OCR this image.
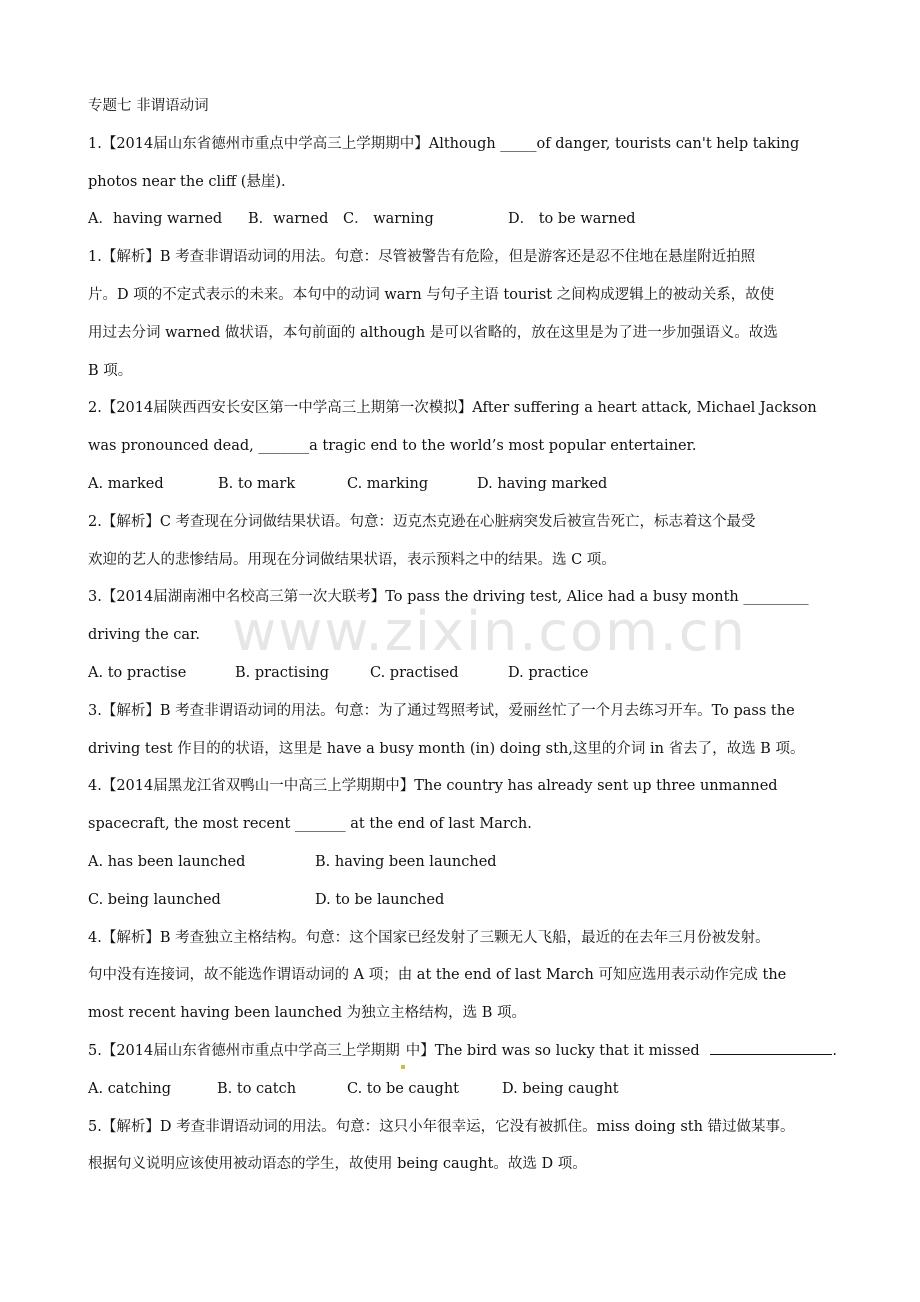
www.zixin.com.cn
专题七 非谓语动词
1.【2014届山东省德州市重点中学高三上学期期中】Although _____of danger, tourists can't help taking
photos near the cliff (悬崖).
A．having warned	B．warned	C． warning	D． to be warned
1.【解析】B 考查非谓语动词的用法。句意：尽管被警告有危险，但是游客还是忍不住地在悬崖附近拍照
片。D 项的不定式表示的未来。本句中的动词 warn 与句子主语 tourist 之间构成逻辑上的被动关系，故使
用过去分词 warned 做状语，本句前面的 although 是可以省略的，放在这里是为了进一步加强语义。故选
B 项。
2.【2014届陕西西安长安区第一中学高三上期第一次模拟】After suffering a heart attack, Michael Jackson
was pronounced dead, _______a tragic end to the world’s most popular entertainer.
A. marked	B. to mark	C. marking	D. having marked
2.【解析】C 考查现在分词做结果状语。句意：迈克杰克逊在心脏病突发后被宣告死亡，标志着这个最受
欢迎的艺人的悲惨结局。用现在分词做结果状语，表示预料之中的结果。选 C 项。
3.【2014届湖南湘中名校高三第一次大联考】To pass the driving test, Alice had a busy month _________
driving the car.
A. to practise	B. practising	C. practised	D. practice
3.【解析】B 考查非谓语动词的用法。句意：为了通过驾照考试，爱丽丝忙了一个月去练习开车。To pass the
driving test 作目的的状语，这里是 have a busy month (in) doing sth,这里的介词 in 省去了，故选 B 项。
4.【2014届黑龙江省双鸭山一中高三上学期期中】The country has already sent up three unmanned
spacecraft, the most recent _______ at the end of last March.
A. has been launched	B. having been launched
C. being launched	D. to be launched
4.【解析】B 考查独立主格结构。句意：这个国家已经发射了三颗无人飞船，最近的在去年三月份被发射。
句中没有连接词，故不能选作谓语动词的 A 项；由 at the end of last March 可知应选用表示动作完成 the
most recent having been launched 为独立主格结构，选 B 项。
5.【2014届山东省德州市重点中学高三上学期期 中】The bird was so lucky that it missed	.
A. catching	B. to catch	C. to be caught	D. being caught
5.【解析】D 考查非谓语动词的用法。句意：这只小年很幸运，它没有被抓住。miss doing sth 错过做某事。
根据句义说明应该使用被动语态的学生，故使用 being caught。故选 D 项。
